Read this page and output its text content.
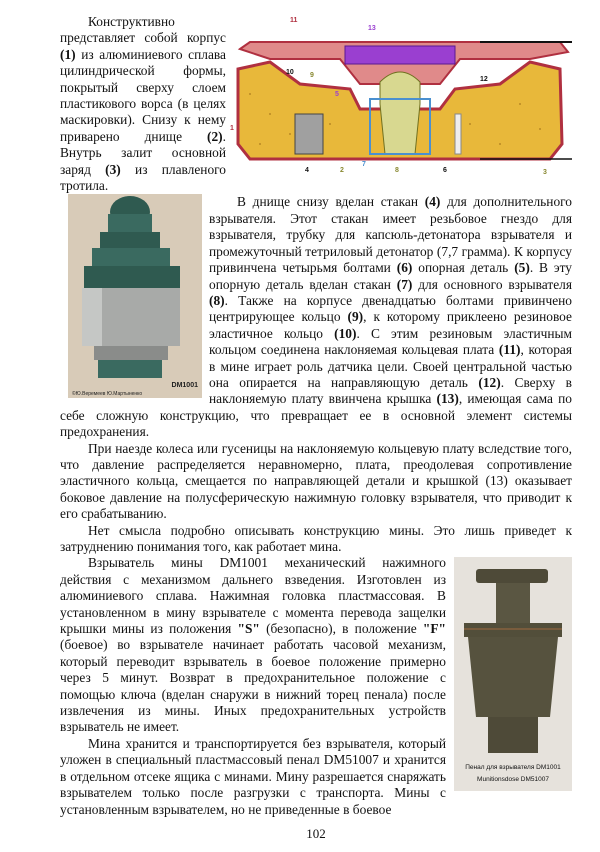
11
13
10 9
12
5
1
4	2
7
8	6	3

Конструктивно представляет собой корпус (1) из алюминиевого сплава цилиндрической формы, покрытый сверху слоем пластикового ворса (в целях маскировки). Снизу к нему приварено днище (2). Внутрь залит основной заряд (3) из плавленого тротила.

©Ю.Веремеев Ю.Мартыненко
DM1001

В днище снизу вделан стакан (4) для дополнительного взрывателя. Этот стакан имеет резьбовое гнездо для взрывателя, трубку для капсюль-детонатора взрывателя и промежуточный тетриловый детонатор (7,7 грамма). К корпусу привинчена четырьмя болтами (6) опорная деталь (5). В эту опорную деталь вделан стакан (7) для основного взрывателя (8). Также на корпусе двенадцатью болтами привинчено центрирующее кольцо (9), к которому приклеено резиновое эластичное кольцо (10). С этим резиновым эластичным кольцом соединена наклоняемая кольцевая плата (11), которая в мине играет роль датчика цели. Своей центральной частью она опирается на направляющую деталь (12). Сверху в наклоняемую плату ввинчена крышка (13), имеющая сама по себе сложную конструкцию, что превращает ее в основной элемент системы предохранения.

При наезде колеса или гусеницы на наклоняемую кольцевую плату вследствие того, что давление распределяется неравномерно, плата, преодолевая сопротивление эластичного кольца, смещается по направляющей детали и крышкой (13) оказывает боковое давление на полусферическую нажимную головку взрывателя, что приводит к его срабатыванию.

Нет смысла подробно описывать конструкцию мины. Это лишь приведет к затруднению понимания того, как работает мина.

Пенал для взрывателя DM1001
Munitionsdose DM51007

Взрыватель мины DM1001 механический нажимного действия с механизмом дальнего взведения. Изготовлен из алюминиевого сплава. Нажимная головка пластмассовая. В установленном в мину взрывателе с момента перевода защелки крышки мины из положения "S" (безопасно), в положение "F" (боевое) во взрывателе начинает работать часовой механизм, который переводит взрыватель в боевое положение примерно через 5 минут. Возврат в предохранительное положение с помощью ключа (вделан снаружи в нижний торец пенала) после извлечения из мины. Иных предохранительных устройств взрыватель не имеет.

Мина хранится и транспортируется без взрывателя, который уложен в специальный пластмассовый пенал DM51007 и хранится в отдельном отсеке ящика с минами. Мину разрешается снаряжать взрывателем только после разгрузки с транспорта. Мины с установленным взрывателем, но не приведенные в боевое

102
